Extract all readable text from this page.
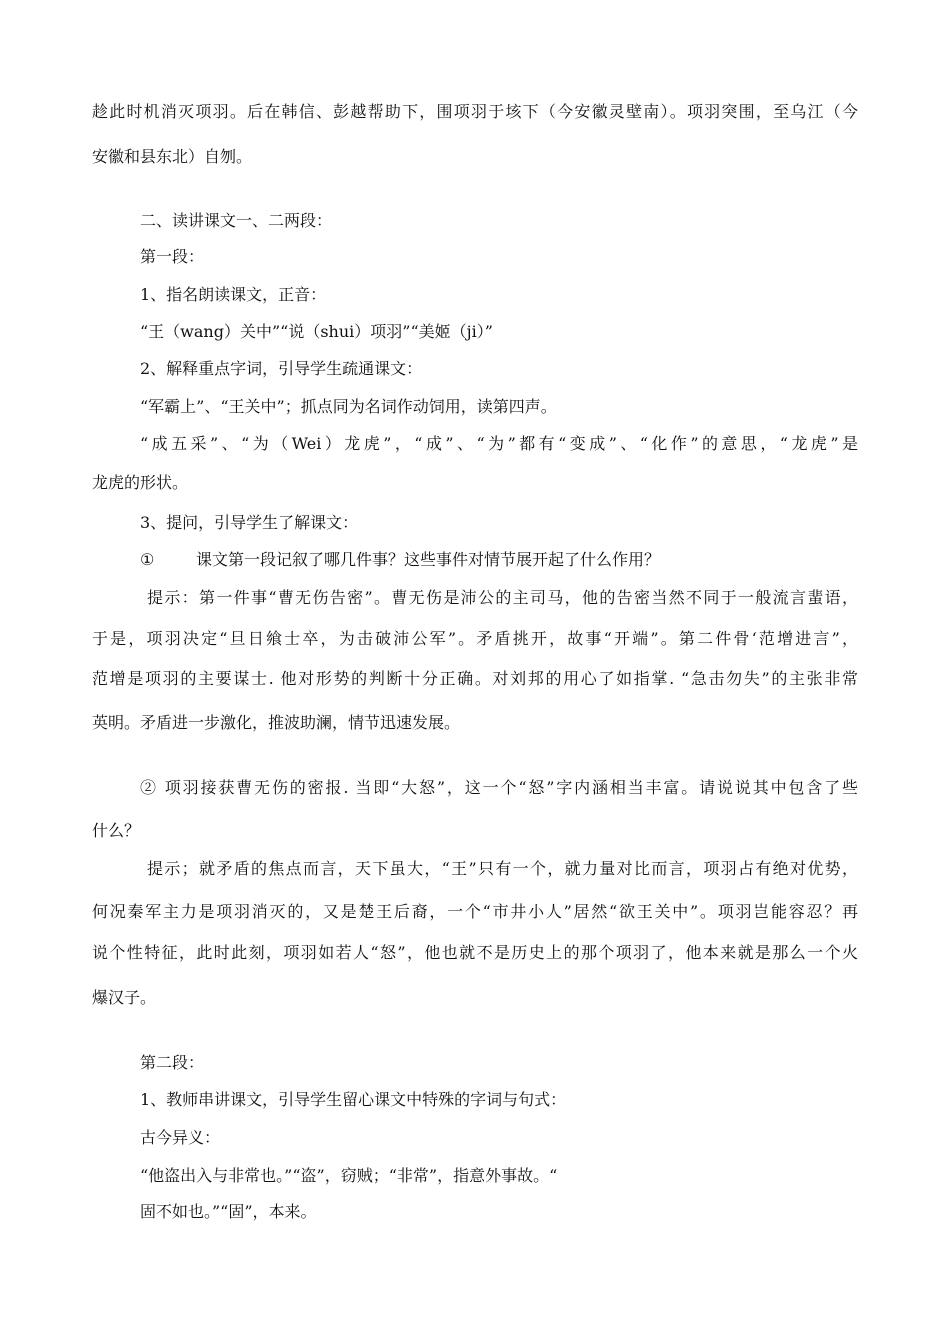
趁此时机消灭项羽。后在韩信、彭越帮助下，围项羽于垓下（今安徽灵壁南）。项羽突围，至乌江（今
安徽和县东北）自刎。
二、读讲课文一、二两段：
第一段：
1、指名朗读课文，正音：
“王（wang）关中”“说（shui）项羽”“美姬（ji）”
2、解释重点字词，引导学生疏通课文：
“军霸上”、“王关中”；抓点同为名词作动饲用，读第四声。
“成五采”、“为（Wei）龙虎”，“成”、“为”都有“变成”、“化作”的意思，“龙虎”是
龙虎的形状。
3、提问，引导学生了解课文：
①	课文第一段记叙了哪几件事？这些事件对情节展开起了什么作用？
提示：第一件事“曹无伤告密”。曹无伤是沛公的主司马，他的告密当然不同于一般流言蜚语，
于是，项羽决定“旦日飨士卒，为击破沛公军”。矛盾挑开，故事“开端”。第二件骨‘范增进言”，
范增是项羽的主要谋士. 他对形势的判断十分正确。对刘邦的用心了如指掌. “急击勿失”的主张非常
英明。矛盾进一步激化，推波助澜，情节迅速发展。
② 项羽接获曹无伤的密报. 当即“大怒”，这一个“怒”字内涵相当丰富。请说说其中包含了些
什么？
提示；就矛盾的焦点而言，天下虽大，“王”只有一个，就力量对比而言，项羽占有绝对优势，
何况秦军主力是项羽消灭的，又是楚王后裔，一个“市井小人”居然“欲王关中”。项羽岂能容忍？再
说个性特征，此时此刻，项羽如若人“怒”，他也就不是历史上的那个项羽了，他本来就是那么一个火
爆汉子。
第二段：
1、教师串讲课文，引导学生留心课文中特殊的字词与句式：
古今异义：
“他盗出入与非常也。”“盗”，窃贼；“非常”，指意外事故。“
固不如也。”“固”，本来。
